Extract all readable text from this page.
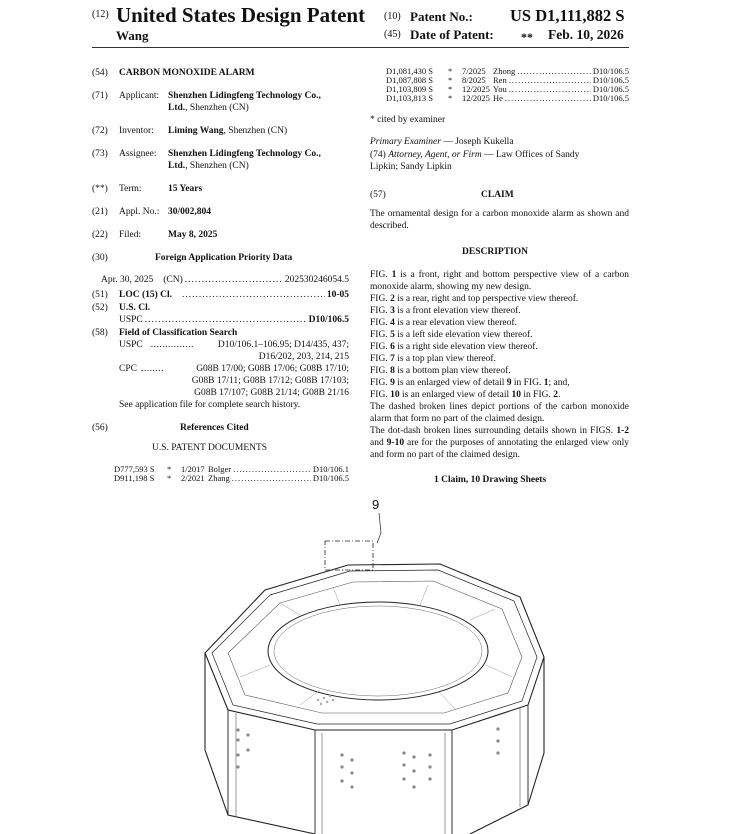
(12) United States Design Patent
Wang
(10) Patent No.: US D1,111,882 S
(45) Date of Patent: ** Feb. 10, 2026
(54) CARBON MONOXIDE ALARM
(71) Applicant: Shenzhen Lidingfeng Technology Co.,
Ltd., Shenzhen (CN)
(72) Inventor: Liming Wang, Shenzhen (CN)
(73) Assignee: Shenzhen Lidingfeng Technology Co.,
Ltd., Shenzhen (CN)
(**) Term:	15 Years
(21) Appl. No.: 30/002,804
(22) Filed:	May 8, 2025
(30)	Foreign Application Priority Data
Apr. 30, 2025 (CN) .....	202530246054.5
(51) LOC (15) Cl. .....	10-05
(52) U.S. Cl.
USPC .....	D10/106.5
(58) Field of Classification Search
USPC ...............	D10/106.1–106.95; D14/435, 437;
D16/202, 203, 214, 215
CPC ........	G08B 17/00; G08B 17/06; G08B 17/10;
G08B 17/11; G08B 17/12; G08B 17/103;
G08B 17/107; G08B 21/14; G08B 21/16
See application file for complete search history.
(56)	References Cited
U.S. PATENT DOCUMENTS
D777,593 S	*	1/2017 Bolger .....	D10/106.1
D911,198 S	*	2/2021 Zhang .....	D10/106.5
D1,081,430 S	*	7/2025 Zhong .....	D10/106.5
D1,087,808 S	*	8/2025 Ren .....	D10/106.5
D1,103,809 S	*	12/2025 You .....	D10/106.5
D1,103,813 S	*	12/2025 He .....	D10/106.5
* cited by examiner
Primary Examiner — Joseph Kukella
(74) Attorney, Agent, or Firm — Law Offices of Sandy
Lipkin; Sandy Lipkin
(57)	CLAIM
The ornamental design for a carbon monoxide alarm as shown and described.
DESCRIPTION

FIG. 1 is a front, right and bottom perspective view of a carbon monoxide alarm, showing my new design.

FIG. 2 is a rear, right and top perspective view thereof.

FIG. 3 is a front elevation view thereof.

FIG. 4 is a rear elevation view thereof.

FIG. 5 is a left side elevation view thereof.

FIG. 6 is a right side elevation view thereof.

FIG. 7 is a top plan view thereof.

FIG. 8 is a bottom plan view thereof.

FIG. 9 is an enlarged view of detail 9 in FIG. 1; and,

FIG. 10 is an enlarged view of detail 10 in FIG. 2.

The dashed broken lines depict portions of the carbon monoxide alarm that form no part of the claimed design.

The dot-dash broken lines surrounding details shown in FIGS. 1-2 and 9-10 are for the purposes of annotating the enlarged view only and form no part of the claimed design.

1 Claim, 10 Drawing Sheets
9
